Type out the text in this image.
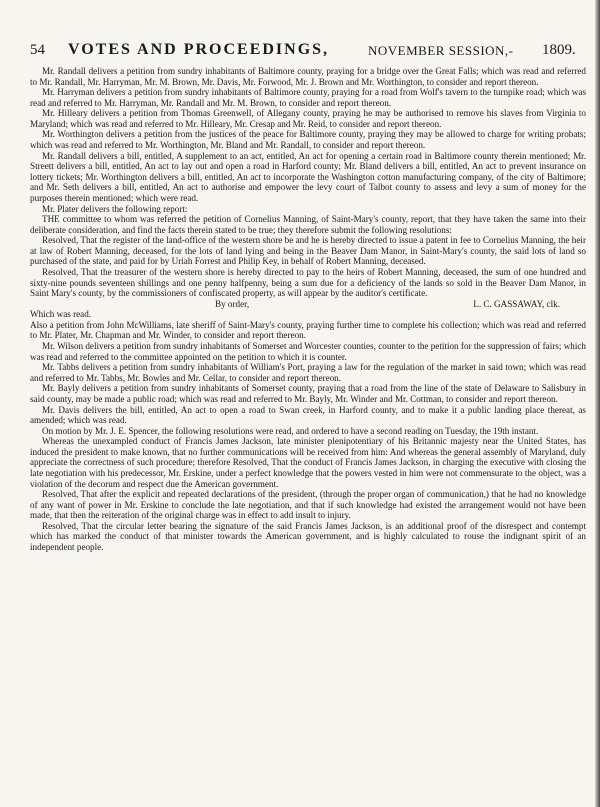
54 VOTES AND PROCEEDINGS,	NOVEMBER SESSION,- 1809.

Mr. Randall delivers a petition from sundry inhabitants of Baltimore county, praying for a bridge over the Great Falls; which was read and referred to Mr. Randall, Mr. Harryman, Mr. M. Brown, Mr. Davis, Mr. Forwood, Mr. J. Brown and Mr. Worthington, to consider and report thereon.

Mr. Harryman delivers a petition from sundry inhabitants of Baltimore county, praying for a road from Wolf's tavern to the turnpike road; which was read and referred to Mr. Harryman, Mr. Randall and Mr. M. Brown, to consider and report thereon.

Mr. Hilleary delivers a petition from Thomas Greenwell, of Allegany county, praying he may be authorised to remove his slaves from Virginia to Maryland; which was read and referred to Mr. Hilleary, Mr. Cresap and Mr. Reid, to consider and report thereon.

Mr. Worthington delivers a petition from the justices of the peace for Baltimore county, praying they may be allowed to charge for writing probats; which was read and referred to Mr. Worthington, Mr. Bland and Mr. Randall, to consider and report thereon.

Mr. Randall delivers a bill, entitled, A supplement to an act, entitled, An act for opening a certain road in Baltimore county therein mentioned; Mr. Streett delivers a bill, entitled, An act to lay out and open a road in Harford county; Mr. Bland delivers a bill, entitled, An act to prevent insurance on lottery tickets; Mr. Worthington delivers a bill, entitled, An act to incorporate the Washington cotton manufacturing company, of the city of Baltimore; and Mr. Seth delivers a bill, entitled, An act to authorise and empower the levy court of Talbot county to assess and levy a sum of money for the purposes therein mentioned; which were read.

Mr. Plater delivers the following report:

THE committee to whom was referred the petition of Cornelius Manning, of Saint-Mary's county, report, that they have taken the same into their deliberate consideration, and find the facts therein stated to be true; they therefore submit the following resolutions:

Resolved, That the register of the land-office of the western shore be and he is hereby directed to issue a patent in fee to Cornelius Manning, the heir at law of Robert Manning, deceased, for the lots of land lying and being in the Beaver Dam Manor, in Saint-Mary's county, the said lots of land so purchased of the state, and paid for by Uriah Forrest and Philip Key, in behalf of Robert Manning, deceased.

Resolved, That the treasurer of the western shore is hereby directed to pay to the heirs of Robert Manning, deceased, the sum of one hundred and sixty-nine pounds seventeen shillings and one penny halfpenny, being a sum due for a deficiency of the lands so sold in the Beaver Dam Manor, in Saint Mary's county, by the commissioners of confiscated property, as will appear by the auditor's certificate.

By order,	L. C. GASSAWAY, clk.

Which was read.

Also a petition from John McWilliams, late sheriff of Saint-Mary's county, praying further time to complete his collection; which was read and referred to Mr. Plater, Mr. Chapman and Mr. Winder, to consider and report thereon.

Mr. Wilson delivers a petition from sundry inhabitants of Somerset and Worcester counties, counter to the petition for the suppression of fairs; which was read and referred to the committee appointed on the petition to which it is counter.

Mr. Tabbs delivers a petition from sundry inhabitants of William's Port, praying a law for the regulation of the market in said town; which was read and referred to Mr. Tabbs, Mr. Bowles and Mr. Cellar, to consider and report thereon.

Mr. Bayly delivers a petition from sundry inhabitants of Somerset county, praying that a road from the line of the state of Delaware to Salisbury in said county, may be made a public road; which was read and referred to Mr. Bayly, Mr. Winder and Mr. Cottman, to consider and report thereon.

Mr. Davis delivers the bill, entitled, An act to open a road to Swan creek, in Harford county, and to make it a public landing place thereat, as amended; which was read.

On motion by Mr. J. E. Spencer, the following resolutions were read, and ordered to have a second reading on Tuesday, the 19th instant.

Whereas the unexampled conduct of Francis James Jackson, late minister plenipotentiary of his Britannic majesty near the United States, has induced the president to make known, that no further communications will be received from him: And whereas the general assembly of Maryland, duly appreciate the correctness of such procedure; therefore Resolved, That the conduct of Francis James Jackson, in charging the executive with closing the late negotiation with his predecessor, Mr. Erskine, under a perfect knowledge that the powers vested in him were not commensurate to the object, was a violation of the decorum and respect due the American government.

Resolved, That after the explicit and repeated declarations of the president, (through the proper organ of communication,) that he had no knowledge of any want of power in Mr. Erskine to conclude the late negotiation, and that if such knowledge had existed the arrangement would not have been made, that then the reiteration of the original charge was in effect to add insult to injury.

Resolved, That the circular letter bearing the signature of the said Francis James Jackson, is an additional proof of the disrespect and contempt which has marked the conduct of that minister towards the American government, and is highly calculated to rouse the indignant spirit of an independent people.
